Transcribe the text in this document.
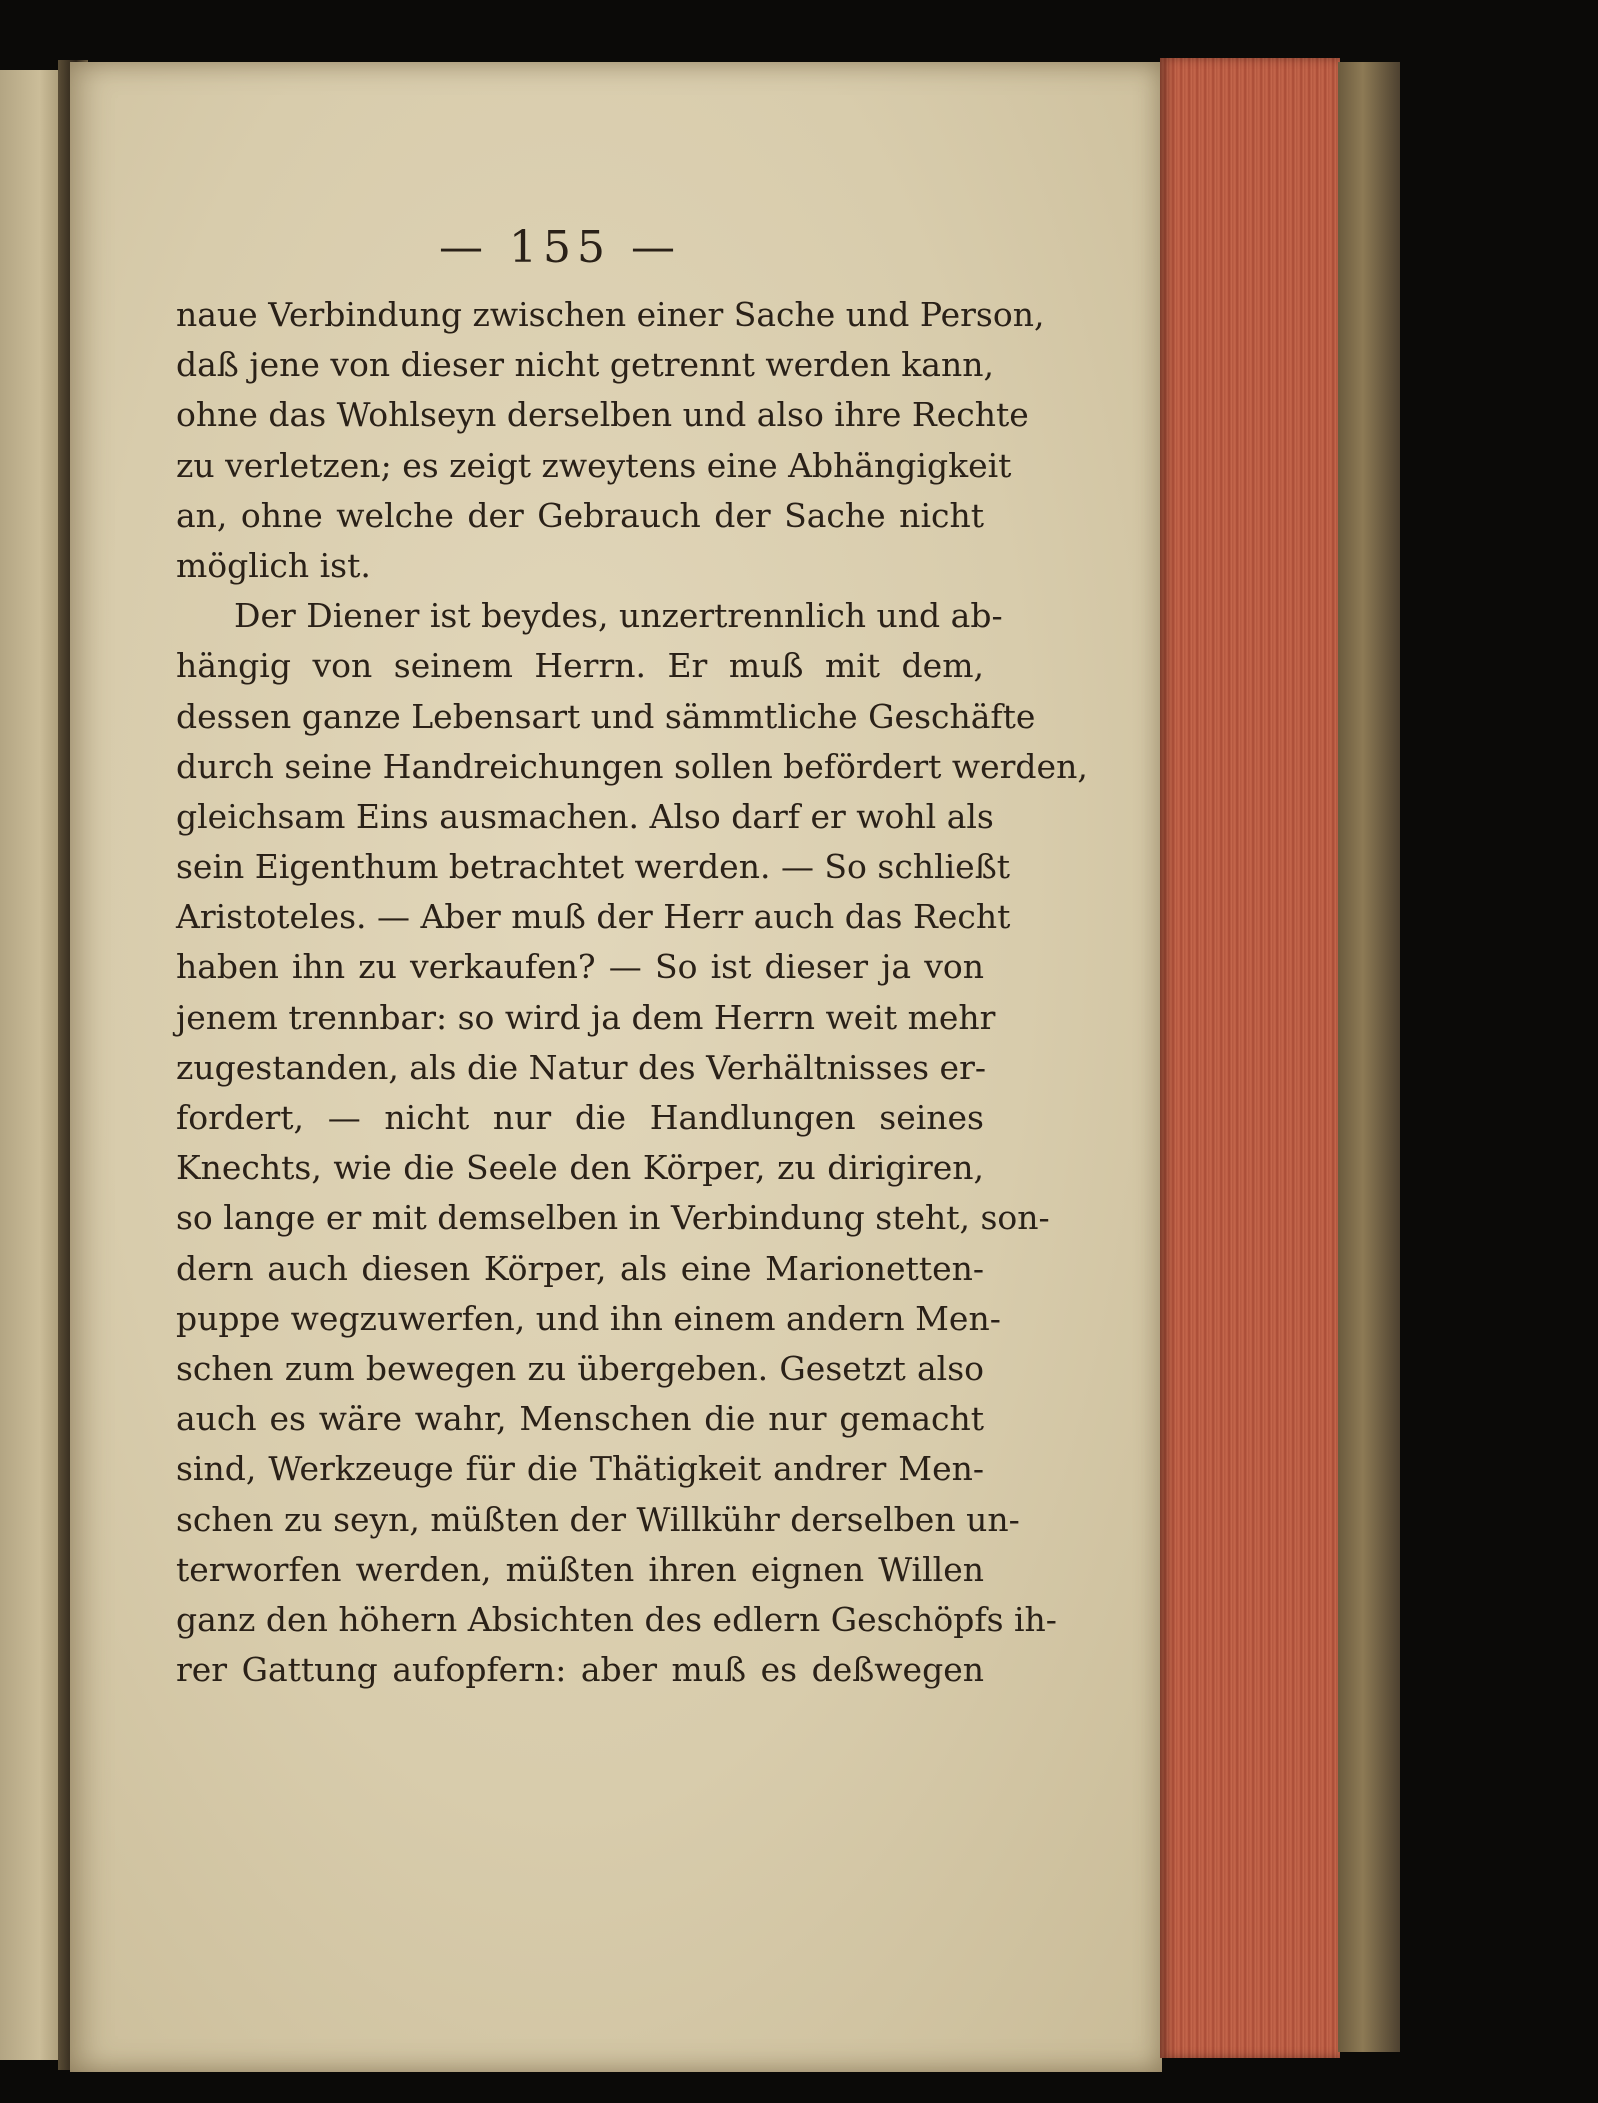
— 155 —
naue Verbindung zwischen einer Sache und Person,
daß jene von dieser nicht getrennt werden kann,
ohne das Wohlseyn derselben und also ihre Rechte
zu verletzen; es zeigt zweytens eine Abhängigkeit
an, ohne welche der Gebrauch der Sache nicht
möglich ist.
Der Diener ist beydes, unzertrennlich und ab-
hängig von seinem Herrn. Er muß mit dem,
dessen ganze Lebensart und sämmtliche Geschäfte
durch seine Handreichungen sollen befördert werden,
gleichsam Eins ausmachen. Also darf er wohl als
sein Eigenthum betrachtet werden. — So schließt
Aristoteles. — Aber muß der Herr auch das Recht
haben ihn zu verkaufen? — So ist dieser ja von
jenem trennbar: so wird ja dem Herrn weit mehr
zugestanden, als die Natur des Verhältnisses er-
fordert, — nicht nur die Handlungen seines
Knechts, wie die Seele den Körper, zu dirigiren,
so lange er mit demselben in Verbindung steht, son-
dern auch diesen Körper, als eine Marionetten-
puppe wegzuwerfen, und ihn einem andern Men-
schen zum bewegen zu übergeben. Gesetzt also
auch es wäre wahr, Menschen die nur gemacht
sind, Werkzeuge für die Thätigkeit andrer Men-
schen zu seyn, müßten der Willkühr derselben un-
terworfen werden, müßten ihren eignen Willen
ganz den höhern Absichten des edlern Geschöpfs ih-
rer Gattung aufopfern: aber muß es deßwegen
